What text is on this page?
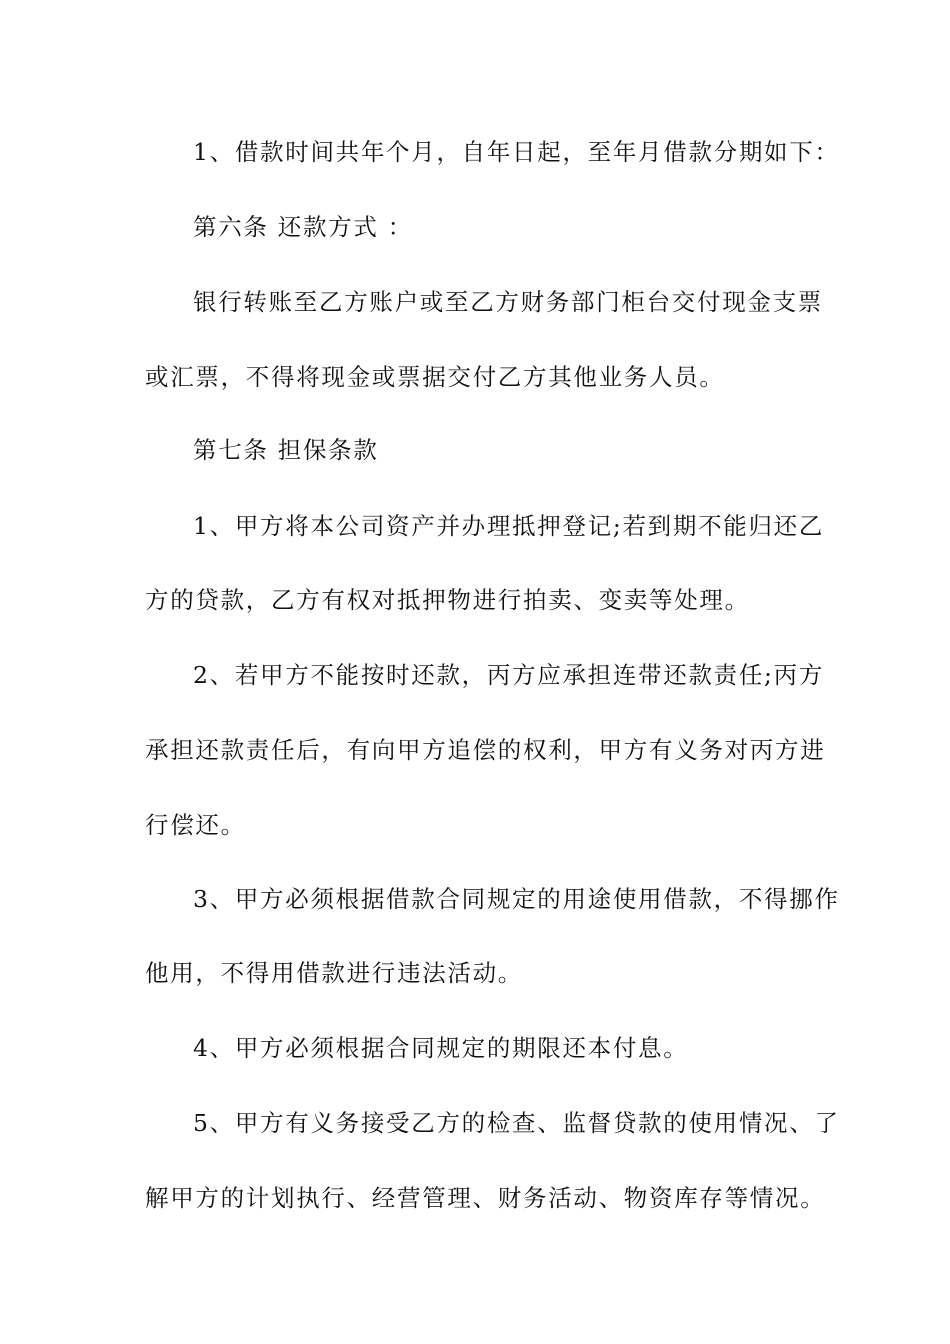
1、借款时间共年个月，自年日起，至年月借款分期如下：
第六条 还款方式 ：
银行转账至乙方账户或至乙方财务部门柜台交付现金支票
或汇票，不得将现金或票据交付乙方其他业务人员。
第七条 担保条款
1、甲方将本公司资产并办理抵押登记;若到期不能归还乙
方的贷款，乙方有权对抵押物进行拍卖、变卖等处理。
2、若甲方不能按时还款，丙方应承担连带还款责任;丙方
承担还款责任后，有向甲方追偿的权利，甲方有义务对丙方进
行偿还。
3、甲方必须根据借款合同规定的用途使用借款，不得挪作
他用，不得用借款进行违法活动。
4、甲方必须根据合同规定的期限还本付息。
5、甲方有义务接受乙方的检查、监督贷款的使用情况、了
解甲方的计划执行、经营管理、财务活动、物资库存等情况。
